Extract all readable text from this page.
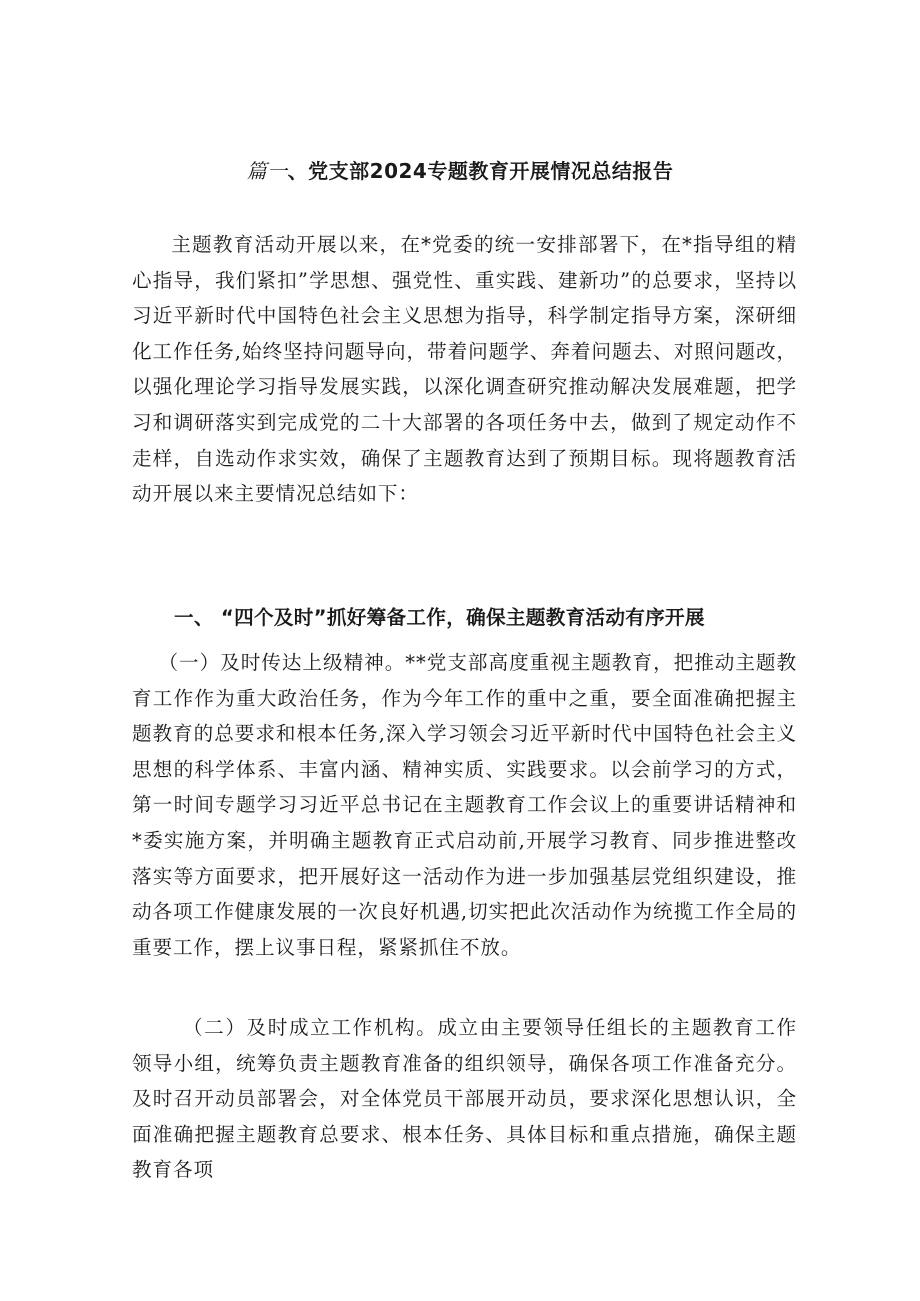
篇一、党支部2024专题教育开展情况总结报告

主题教育活动开展以来，在*党委的统一安排部署下，在*指导组的精心指导，我们紧扣”学思想、强党性、重实践、建新功”的总要求，坚持以习近平新时代中国特色社会主义思想为指导，科学制定指导方案，深研细化工作任务,始终坚持问题导向，带着问题学、奔着问题去、对照问题改，以强化理论学习指导发展实践，以深化调查研究推动解决发展难题，把学习和调研落实到完成党的二十大部署的各项任务中去，做到了规定动作不走样，自选动作求实效，确保了主题教育达到了预期目标。现将题教育活动开展以来主要情况总结如下：

一、 “四个及时”抓好筹备工作，确保主题教育活动有序开展

（一）及时传达上级精神。**党支部高度重视主题教育，把推动主题教育工作作为重大政治任务，作为今年工作的重中之重，要全面准确把握主题教育的总要求和根本任务,深入学习领会习近平新时代中国特色社会主义思想的科学体系、丰富内涵、精神实质、实践要求。以会前学习的方式，第一时间专题学习习近平总书记在主题教育工作会议上的重要讲话精神和*委实施方案，并明确主题教育正式启动前,开展学习教育、同步推进整改落实等方面要求，把开展好这一活动作为进一步加强基层党组织建设，推动各项工作健康发展的一次良好机遇,切实把此次活动作为统揽工作全局的重要工作，摆上议事日程，紧紧抓住不放。

（二）及时成立工作机构。成立由主要领导任组长的主题教育工作领导小组，统筹负责主题教育准备的组织领导，确保各项工作准备充分。及时召开动员部署会，对全体党员干部展开动员，要求深化思想认识，全面准确把握主题教育总要求、根本任务、具体目标和重点措施，确保主题教育各项
